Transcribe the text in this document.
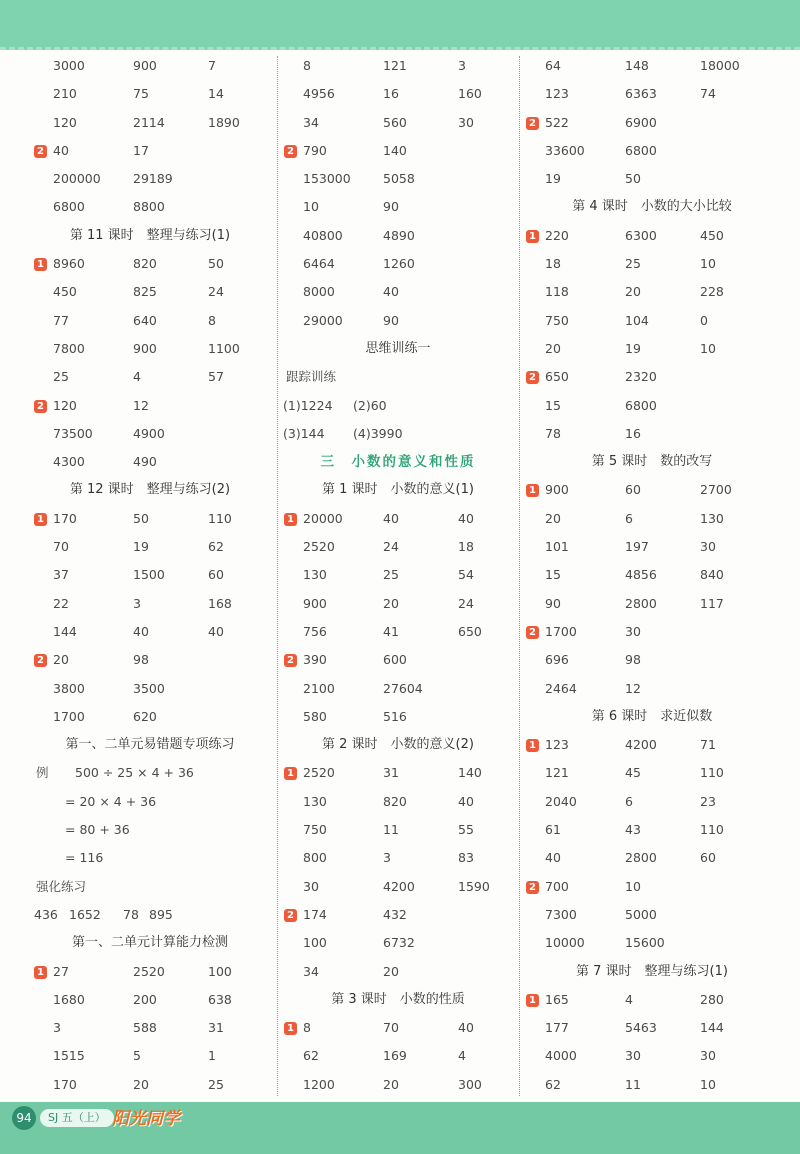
3000	900	7
210	75	14
120	2114	1890
2 40	17
200000	29189
6800	8800
第 11 课时　整理与练习(1)
1 8960	820	50
450	825	24
77	640	8
7800	900	1100
25	4	57
2 120	12
73500	4900
4300	490
第 12 课时　整理与练习(2)
1 170	50	110
70	19	62
37	1500	60
22	3	168
144	40	40
2 20	98
3800	3500
1700	620
第一、二单元易错题专项练习
例 500 ÷ 25 × 4 + 36
= 20 × 4 + 36
= 80 + 36
= 116
强化练习
436 1652 78 895
第一、二单元计算能力检测
1 27	2520	100
1680	200	638
3	588	31
1515	5	1
170	20	25
8	121	3
4956	16	160
34	560	30
2 790	140
153000	5058
10	90
40800	4890
6464	1260
8000	40
29000	90
思维训练一
跟踪训练
(1)1224 (2)60
(3)144 (4)3990
三　小数的意义和性质
第 1 课时　小数的意义(1)
1 20000	40	40
2520	24	18
130	25	54
900	20	24
756	41	650
2 390	600
2100	27604
580	516
第 2 课时　小数的意义(2)
1 2520	31	140
130	820	40
750	11	55
800	3	83
30	4200	1590
2 174	432
100	6732
34	20
第 3 课时　小数的性质
1 8	70	40
62	169	4
1200	20	300
64	148	18000
123	6363	74
2 522	6900
33600	6800
19	50
第 4 课时　小数的大小比较
1 220	6300	450
18	25	10
118	20	228
750	104	0
20	19	10
2 650	2320
15	6800
78	16
第 5 课时　数的改写
1 900	60	2700
20	6	130
101	197	30
15	4856	840
90	2800	117
2 1700	30
696	98
2464	12
第 6 课时　求近似数
1 123	4200	71
121	45	110
2040	6	23
61	43	110
40	2800	60
2 700	10
7300	5000
10000	15600
第 7 课时　整理与练习(1)
1 165	4	280
177	5463	144
4000	30	30
62	11	10
94	SJ 五（上） 阳光同学
